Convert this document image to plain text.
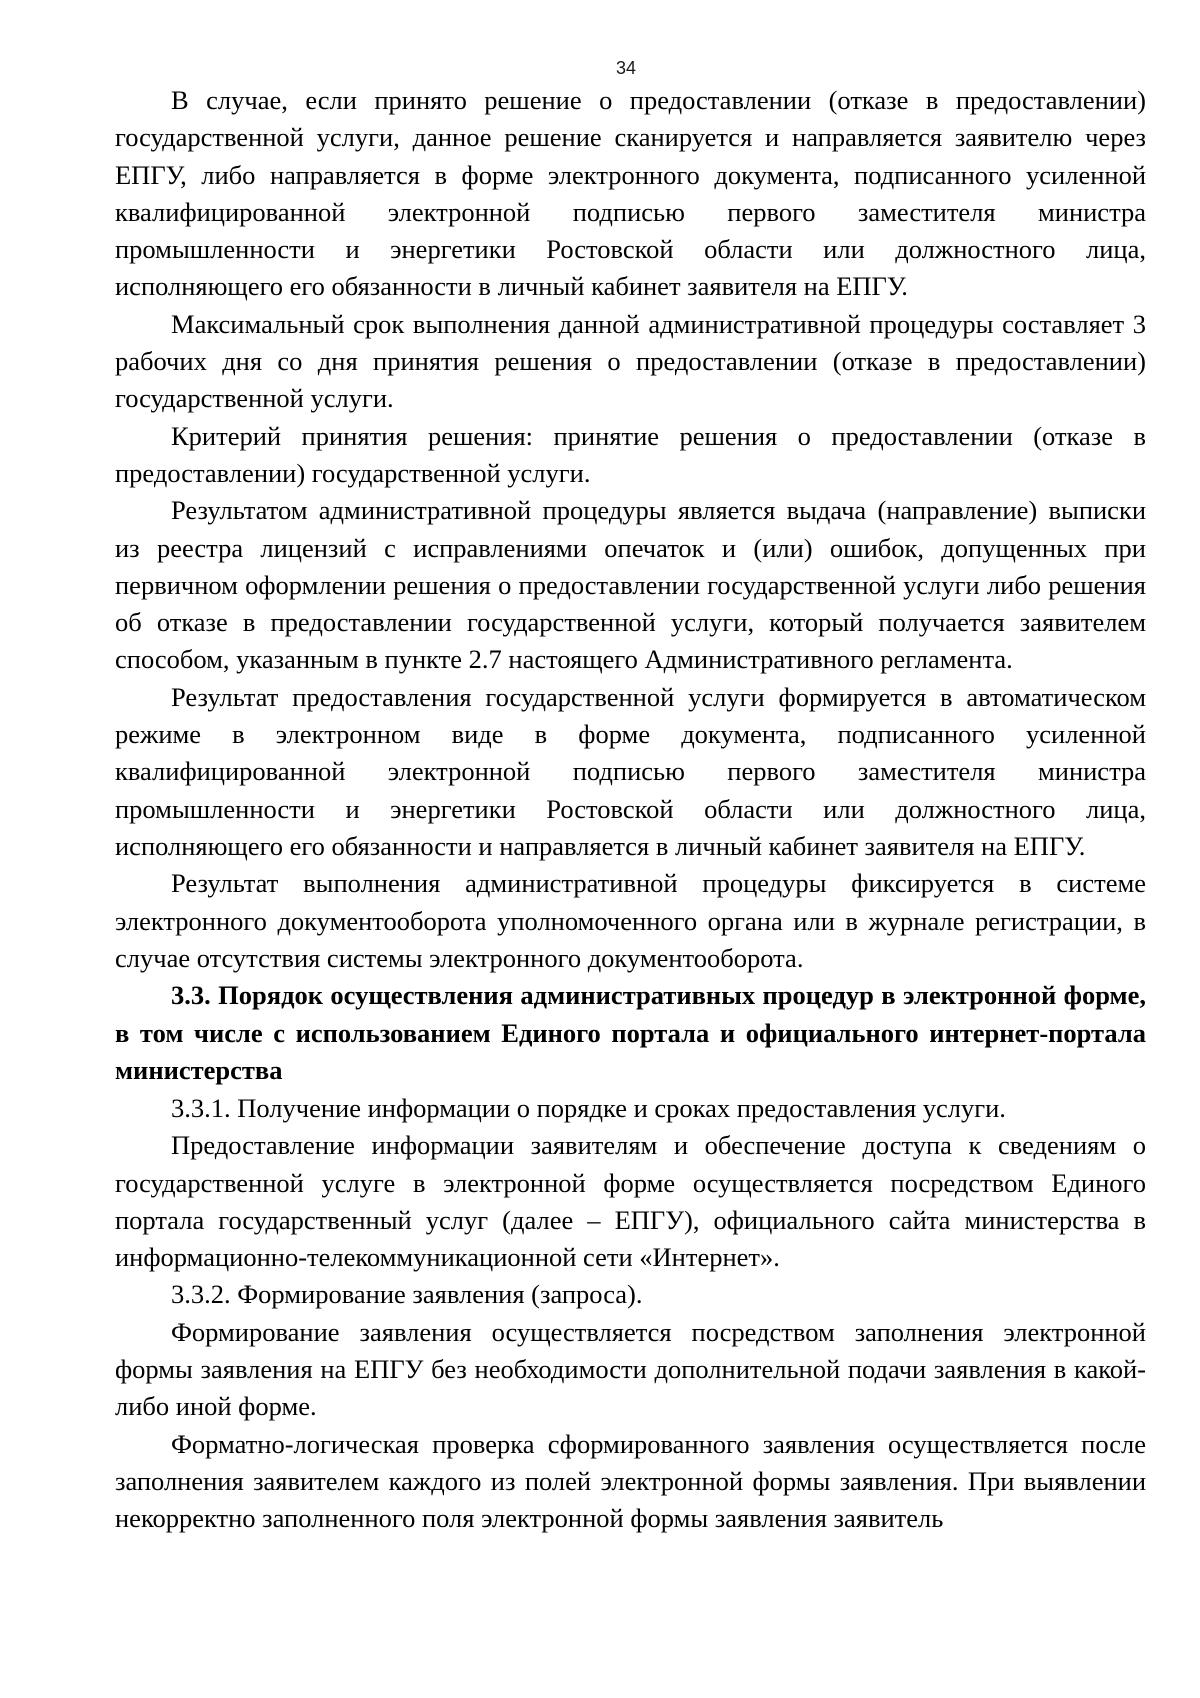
34

В случае, если принято решение о предоставлении (отказе в предоставлении) государственной услуги, данное решение сканируется и направляется заявителю через ЕПГУ, либо направляется в форме электронного документа, подписанного усиленной квалифицированной электронной подписью первого заместителя министра промышленности и энергетики Ростовской области или должностного лица, исполняющего его обязанности в личный кабинет заявителя на ЕПГУ.

Максимальный срок выполнения данной административной процедуры составляет 3 рабочих дня со дня принятия решения о предоставлении (отказе в предоставлении) государственной услуги.

Критерий принятия решения: принятие решения о предоставлении (отказе в предоставлении) государственной услуги.

Результатом административной процедуры является выдача (направление) выписки из реестра лицензий с исправлениями опечаток и (или) ошибок, допущенных при первичном оформлении решения о предоставлении государственной услуги либо решения об отказе в предоставлении государственной услуги, который получается заявителем способом, указанным в пункте 2.7 настоящего Административного регламента.

Результат предоставления государственной услуги формируется в автоматическом режиме в электронном виде в форме документа, подписанного усиленной квалифицированной электронной подписью первого заместителя министра промышленности и энергетики Ростовской области или должностного лица, исполняющего его обязанности и направляется в личный кабинет заявителя на ЕПГУ.

Результат выполнения административной процедуры фиксируется в системе электронного документооборота уполномоченного органа или в журнале регистрации, в случае отсутствия системы электронного документооборота.

3.3. Порядок осуществления административных процедур в электронной форме, в том числе с использованием Единого портала и официального интернет-портала министерства

3.3.1. Получение информации о порядке и сроках предоставления услуги.

Предоставление информации заявителям и обеспечение доступа к сведениям о государственной услуге в электронной форме осуществляется посредством Единого портала государственный услуг (далее – ЕПГУ), официального сайта министерства в информационно-телекоммуникационной сети «Интернет».

3.3.2. Формирование заявления (запроса).

Формирование заявления осуществляется посредством заполнения электронной формы заявления на ЕПГУ без необходимости дополнительной подачи заявления в какой-либо иной форме.

Форматно-логическая проверка сформированного заявления осуществляется после заполнения заявителем каждого из полей электронной формы заявления. При выявлении некорректно заполненного поля электронной формы заявления заявитель
